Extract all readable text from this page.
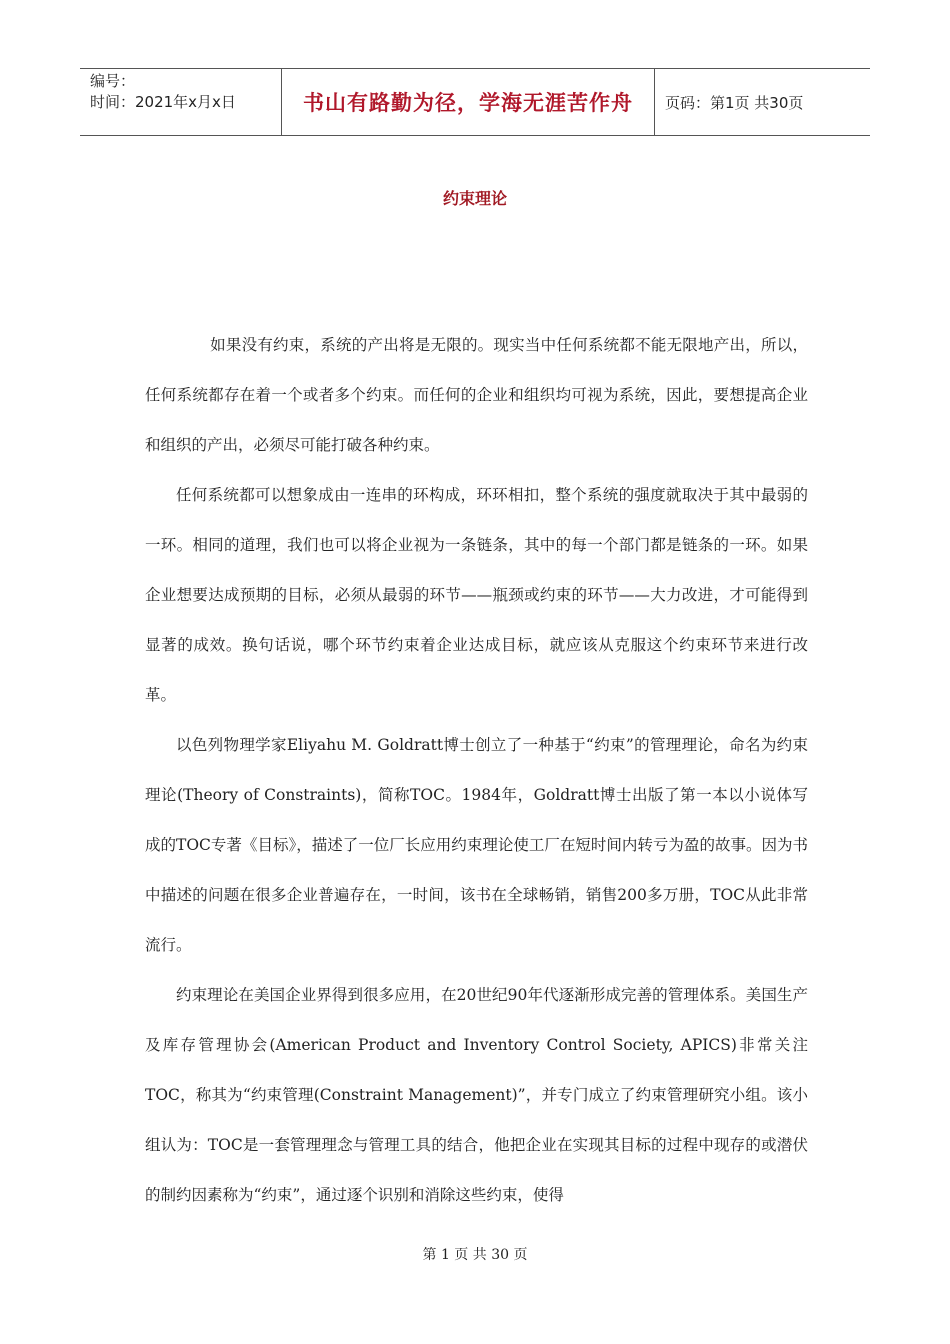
编号：
时间：2021年x月x日	书山有路勤为径，学海无涯苦作舟	页码：第1页 共30页
约束理论

如果没有约束，系统的产出将是无限的。现实当中任何系统都不能无限地产出，所以，任何系统都存在着一个或者多个约束。而任何的企业和组织均可视为系统，因此，要想提高企业和组织的产出，必须尽可能打破各种约束。

任何系统都可以想象成由一连串的环构成，环环相扣，整个系统的强度就取决于其中最弱的一环。相同的道理，我们也可以将企业视为一条链条，其中的每一个部门都是链条的一环。如果企业想要达成预期的目标，必须从最弱的环节——瓶颈或约束的环节——大力改进，才可能得到显著的成效。换句话说，哪个环节约束着企业达成目标，就应该从克服这个约束环节来进行改革。

以色列物理学家Eliyahu M. Goldratt博士创立了一种基于“约束”的管理理论，命名为约束理论(Theory of Constraints)，简称TOC。1984年，Goldratt博士出版了第一本以小说体写成的TOC专著《目标》，描述了一位厂长应用约束理论使工厂在短时间内转亏为盈的故事。因为书中描述的问题在很多企业普遍存在，一时间，该书在全球畅销，销售200多万册，TOC从此非常流行。

约束理论在美国企业界得到很多应用，在20世纪90年代逐渐形成完善的管理体系。美国生产及库存管理协会(American Product and Inventory Control Society, APICS)非常关注TOC，称其为“约束管理(Constraint Management)”，并专门成立了约束管理研究小组。该小组认为：TOC是一套管理理念与管理工具的结合，他把企业在实现其目标的过程中现存的或潜伏的制约因素称为“约束”，通过逐个识别和消除这些约束，使得

第 1 页 共 30 页
